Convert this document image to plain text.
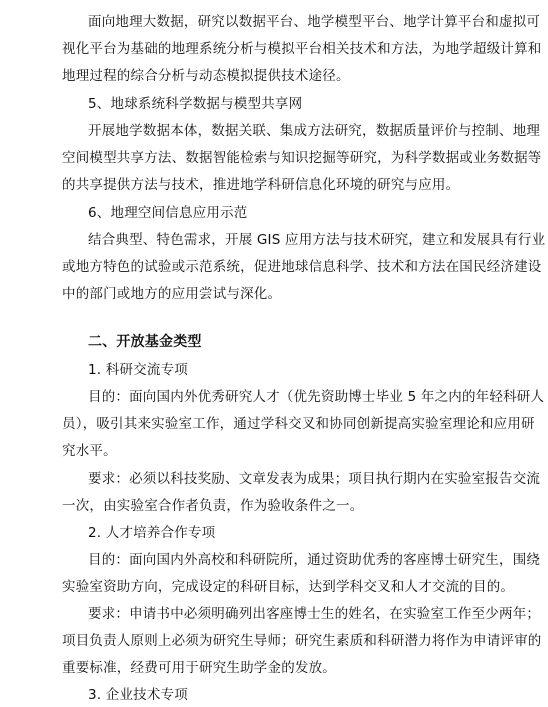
面向地理大数据，研究以数据平台、地学模型平台、地学计算平台和虚拟可
视化平台为基础的地理系统分析与模拟平台相关技术和方法，为地学超级计算和
地理过程的综合分析与动态模拟提供技术途径。
5、地球系统科学数据与模型共享网
开展地学数据本体，数据关联、集成方法研究，数据质量评价与控制、地理
空间模型共享方法、数据智能检索与知识挖掘等研究，为科学数据或业务数据等
的共享提供方法与技术，推进地学科研信息化环境的研究与应用。
6、地理空间信息应用示范
结合典型、特色需求，开展 GIS 应用方法与技术研究，建立和发展具有行业
或地方特色的试验或示范系统，促进地球信息科学、技术和方法在国民经济建设
中的部门或地方的应用尝试与深化。
二、开放基金类型
1. 科研交流专项
目的：面向国内外优秀研究人才（优先资助博士毕业 5 年之内的年轻科研人
员），吸引其来实验室工作，通过学科交叉和协同创新提高实验室理论和应用研
究水平。
要求：必须以科技奖励、文章发表为成果；项目执行期内在实验室报告交流
一次，由实验室合作者负责，作为验收条件之一。
2. 人才培养合作专项
目的：面向国内外高校和科研院所，通过资助优秀的客座博士研究生，围绕
实验室资助方向，完成设定的科研目标，达到学科交叉和人才交流的目的。
要求：申请书中必须明确列出客座博士生的姓名，在实验室工作至少两年；
项目负责人原则上必须为研究生导师；研究生素质和科研潜力将作为申请评审的
重要标准，经费可用于研究生助学金的发放。
3. 企业技术专项
